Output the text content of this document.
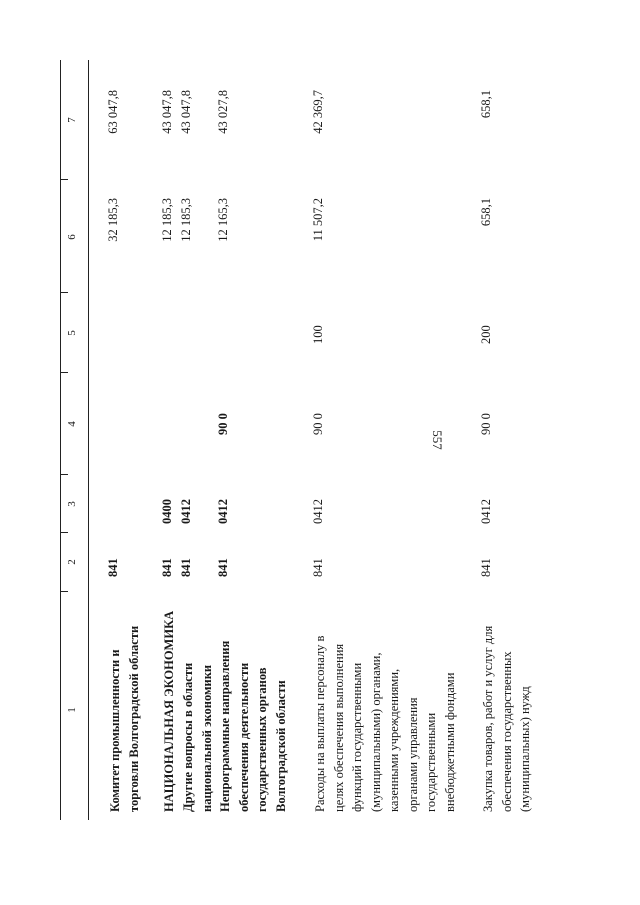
557
1
2
3
4
5
6
7
Комитет промышленности и
торговли Волгоградской области
841
32 185,3
63 047,8
НАЦИОНАЛЬНАЯ ЭКОНОМИКА
841
0400
12 185,3
43 047,8
Другие вопросы в области
национальной экономики
841
0412
12 185,3
43 047,8
Непрограммные направления
обеспечения деятельности
государственных органов
Волгоградской области
841
0412
90 0
12 165,3
43 027,8
Расходы на выплаты персоналу в
целях обеспечения выполнения
функций государственными
(муниципальными) органами,
казенными учреждениями,
органами управления
государственными
внебюджетными фондами
841
0412
90 0
100
11 507,2
42 369,7
Закупка товаров, работ и услуг для
обеспечения государственных
(муниципальных) нужд
841
0412
90 0
200
658,1
658,1
